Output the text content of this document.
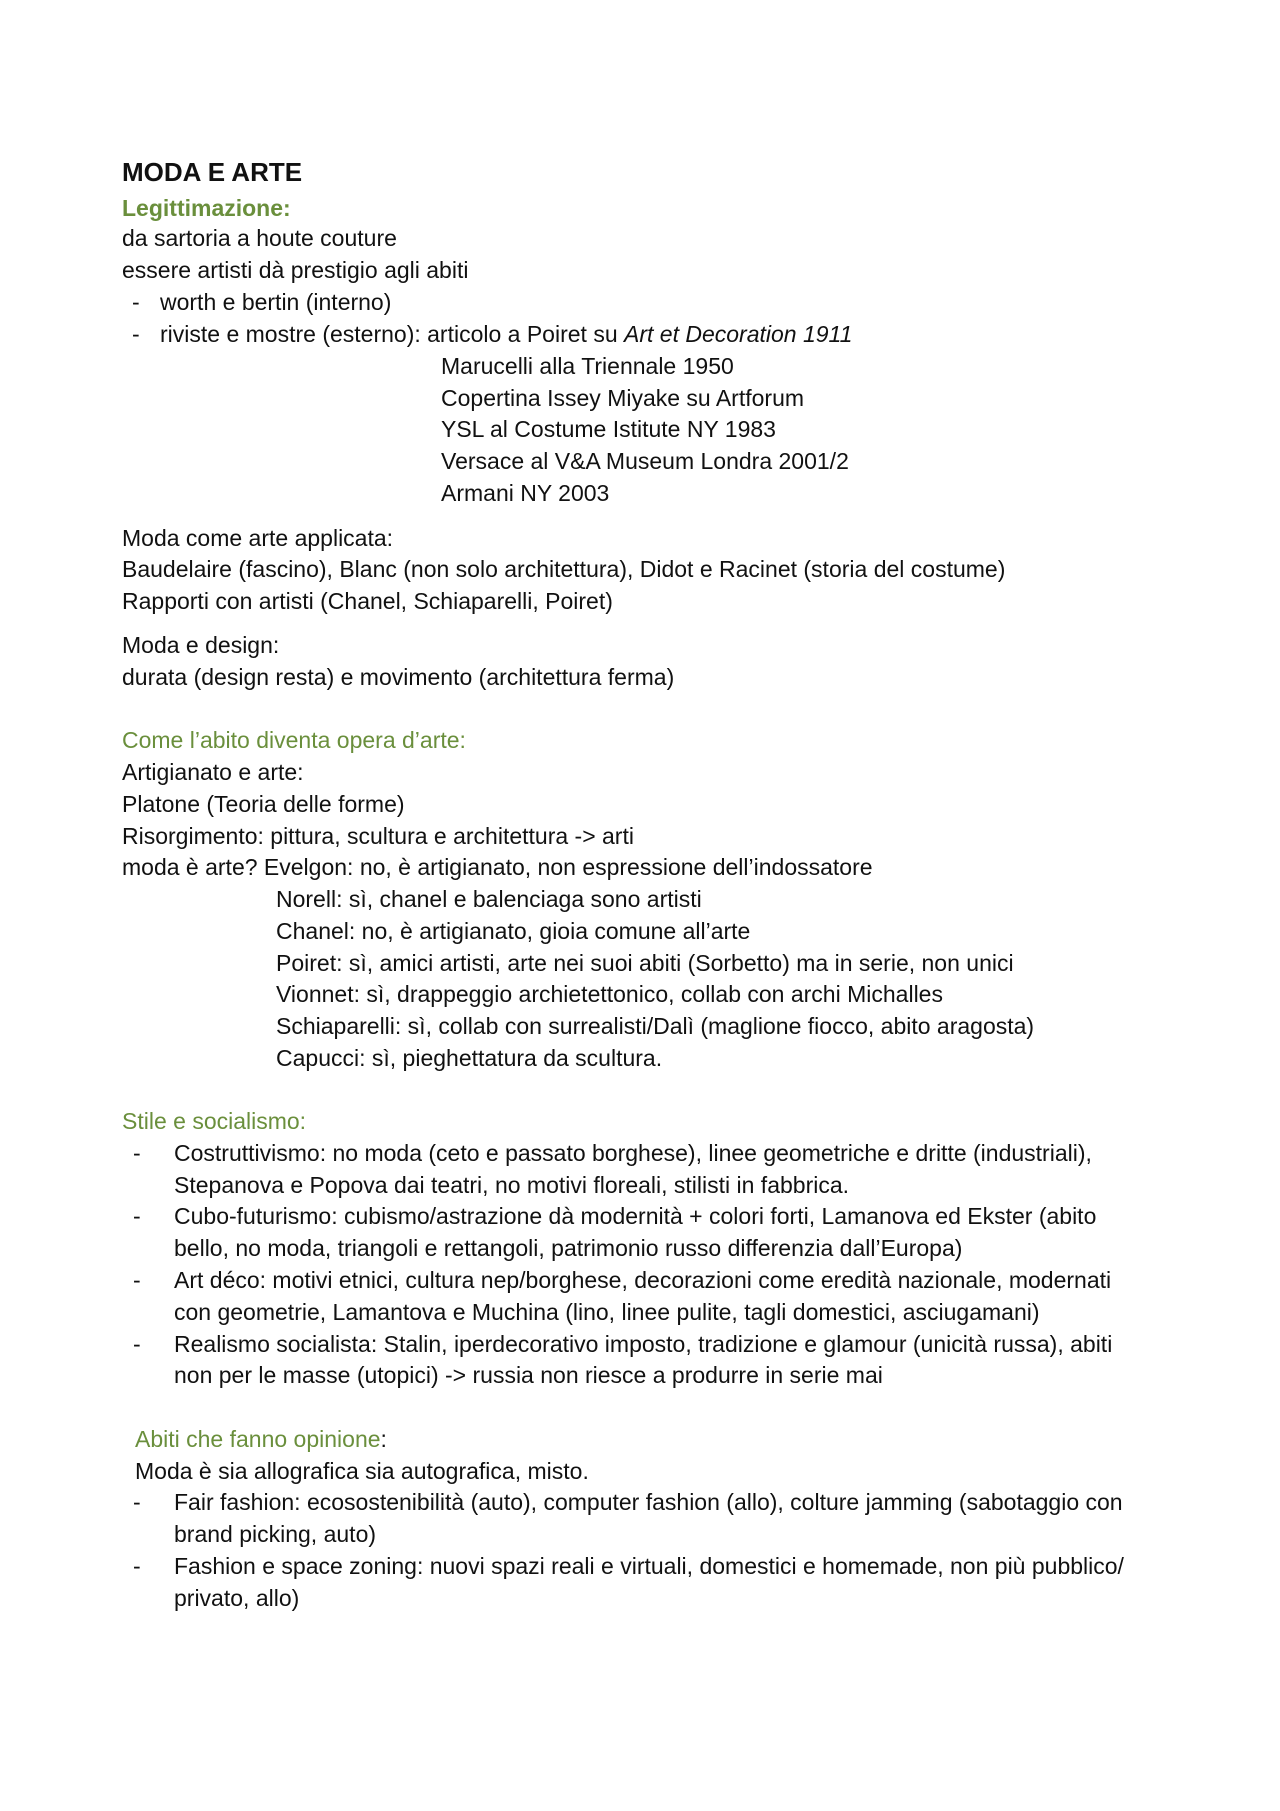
MODA E ARTE
Legittimazione:
da sartoria a houte couture
essere artisti dà prestigio agli abiti
- worth e bertin (interno)
- riviste e mostre (esterno): articolo a Poiret su Art et Decoration 1911
Marucelli alla Triennale 1950
Copertina Issey Miyake su Artforum
YSL al Costume Istitute NY 1983
Versace al V&A Museum Londra 2001/2
Armani NY 2003
Moda come arte applicata:
Baudelaire (fascino), Blanc (non solo architettura), Didot e Racinet (storia del costume)
Rapporti con artisti (Chanel, Schiaparelli, Poiret)
Moda e design:
durata (design resta) e movimento (architettura ferma)
Come l’abito diventa opera d’arte:
Artigianato e arte:
Platone (Teoria delle forme)
Risorgimento: pittura, scultura e architettura -> arti
moda è arte? Evelgon: no, è artigianato, non espressione dell’indossatore
Norell: sì, chanel e balenciaga sono artisti
Chanel: no, è artigianato, gioia comune all’arte
Poiret: sì, amici artisti, arte nei suoi abiti (Sorbetto) ma in serie, non unici
Vionnet: sì, drappeggio archietettonico, collab con archi Michalles
Schiaparelli: sì, collab con surrealisti/Dalì (maglione fiocco, abito aragosta)
Capucci: sì, pieghettatura da scultura.
Stile e socialismo:
- Costruttivismo: no moda (ceto e passato borghese), linee geometriche e dritte (industriali),
Stepanova e Popova dai teatri, no motivi floreali, stilisti in fabbrica.
- Cubo-futurismo: cubismo/astrazione dà modernità + colori forti, Lamanova ed Ekster (abito
bello, no moda, triangoli e rettangoli, patrimonio russo differenzia dall’Europa)
- Art déco: motivi etnici, cultura nep/borghese, decorazioni come eredità nazionale, modernati
con geometrie, Lamantova e Muchina (lino, linee pulite, tagli domestici, asciugamani)
- Realismo socialista: Stalin, iperdecorativo imposto, tradizione e glamour (unicità russa), abiti
non per le masse (utopici) -> russia non riesce a produrre in serie mai
Abiti che fanno opinione:
Moda è sia allografica sia autografica, misto.
- Fair fashion: ecosostenibilità (auto), computer fashion (allo), colture jamming (sabotaggio con
brand picking, auto)
- Fashion e space zoning: nuovi spazi reali e virtuali, domestici e homemade, non più pubblico/
privato, allo)
